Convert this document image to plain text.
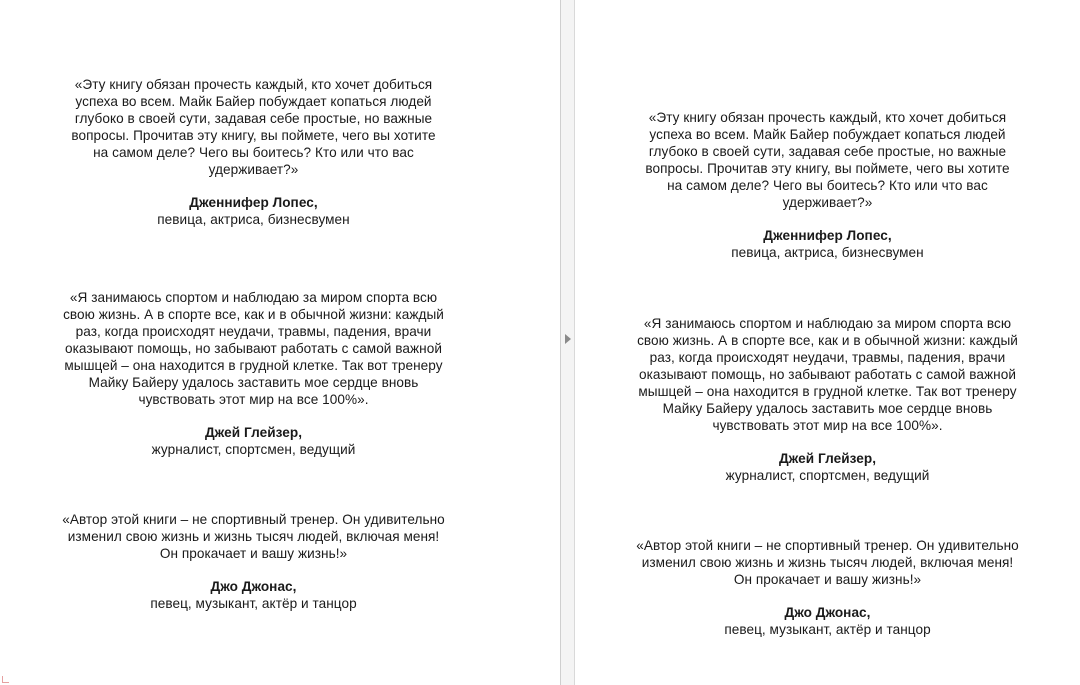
«Эту книгу обязан прочесть каждый, кто хочет добиться
успеха во всем. Майк Байер побуждает копаться людей
глубоко в своей сути, задавая себе простые, но важные
вопросы. Прочитав эту книгу, вы поймете, чего вы хотите
на самом деле? Чего вы боитесь? Кто или что вас
удерживает?»
Дженнифер Лопес,
певица, актриса, бизнесвумен
«Я занимаюсь спортом и наблюдаю за миром спорта всю
свою жизнь. А в спорте все, как и в обычной жизни: каждый
раз, когда происходят неудачи, травмы, падения, врачи
оказывают помощь, но забывают работать с самой важной
мышцей – она находится в грудной клетке. Так вот тренеру
Майку Байеру удалось заставить мое сердце вновь
чувствовать этот мир на все 100%».
Джей Глейзер,
журналист, спортсмен, ведущий
«Автор этой книги – не спортивный тренер. Он удивительно
изменил свою жизнь и жизнь тысяч людей, включая меня!
Он прокачает и вашу жизнь!»
Джо Джонас,
певец, музыкант, актёр и танцор
«Эту книгу обязан прочесть каждый, кто хочет добиться
успеха во всем. Майк Байер побуждает копаться людей
глубоко в своей сути, задавая себе простые, но важные
вопросы. Прочитав эту книгу, вы поймете, чего вы хотите
на самом деле? Чего вы боитесь? Кто или что вас
удерживает?»
Дженнифер Лопес,
певица, актриса, бизнесвумен
«Я занимаюсь спортом и наблюдаю за миром спорта всю
свою жизнь. А в спорте все, как и в обычной жизни: каждый
раз, когда происходят неудачи, травмы, падения, врачи
оказывают помощь, но забывают работать с самой важной
мышцей – она находится в грудной клетке. Так вот тренеру
Майку Байеру удалось заставить мое сердце вновь
чувствовать этот мир на все 100%».
Джей Глейзер,
журналист, спортсмен, ведущий
«Автор этой книги – не спортивный тренер. Он удивительно
изменил свою жизнь и жизнь тысяч людей, включая меня!
Он прокачает и вашу жизнь!»
Джо Джонас,
певец, музыкант, актёр и танцор
